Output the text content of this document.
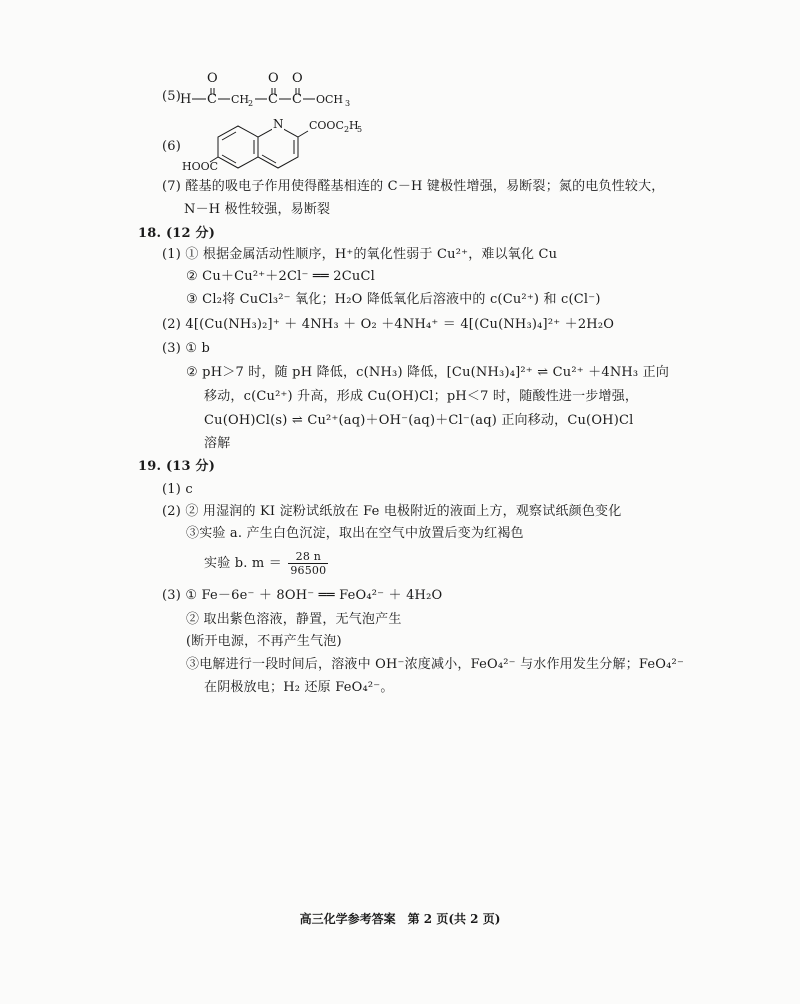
(5)
H C
O
CH
2 C
O
C
O
OCH 3
(6)
N COOC 2 H
5
HOOC
(7) 醛基的吸电子作用使得醛基相连的 C－H 键极性增强，易断裂；氮的电负性较大，
N－H 极性较强，易断裂
18. (12 分)
(1) ① 根据金属活动性顺序，H⁺的氧化性弱于 Cu²⁺，难以氧化 Cu
② Cu＋Cu²⁺＋2Cl⁻ ══ 2CuCl
③ Cl₂将 CuCl₃²⁻ 氧化；H₂O 降低氧化后溶液中的 c(Cu²⁺) 和 c(Cl⁻)
(2) 4[(Cu(NH₃)₂]⁺ ＋ 4NH₃ ＋ O₂ ＋4NH₄⁺ ＝ 4[(Cu(NH₃)₄]²⁺ ＋2H₂O
(3) ① b
② pH＞7 时，随 pH 降低，c(NH₃) 降低，[Cu(NH₃)₄]²⁺ ⇌ Cu²⁺ ＋4NH₃ 正向
移动，c(Cu²⁺) 升高，形成 Cu(OH)Cl；pH＜7 时，随酸性进一步增强，
Cu(OH)Cl(s) ⇌ Cu²⁺(aq)＋OH⁻(aq)＋Cl⁻(aq) 正向移动，Cu(OH)Cl
溶解
19. (13 分)
(1) c
(2) ② 用湿润的 KI 淀粉试纸放在 Fe 电极附近的液面上方，观察试纸颜色变化
③实验 a. 产生白色沉淀，取出在空气中放置后变为红褐色
实验 b. $m = \frac{28 n}{96500}$
(3) ① Fe－6e⁻ ＋ 8OH⁻ ══ FeO₄²⁻ ＋ 4H₂O
② 取出紫色溶液，静置，无气泡产生
(断开电源，不再产生气泡)
③电解进行一段时间后，溶液中 OH⁻浓度减小，FeO₄²⁻ 与水作用发生分解；FeO₄²⁻
在阴极放电；H₂ 还原 FeO₄²⁻。
高三化学参考答案　第 2 页(共 2 页)
